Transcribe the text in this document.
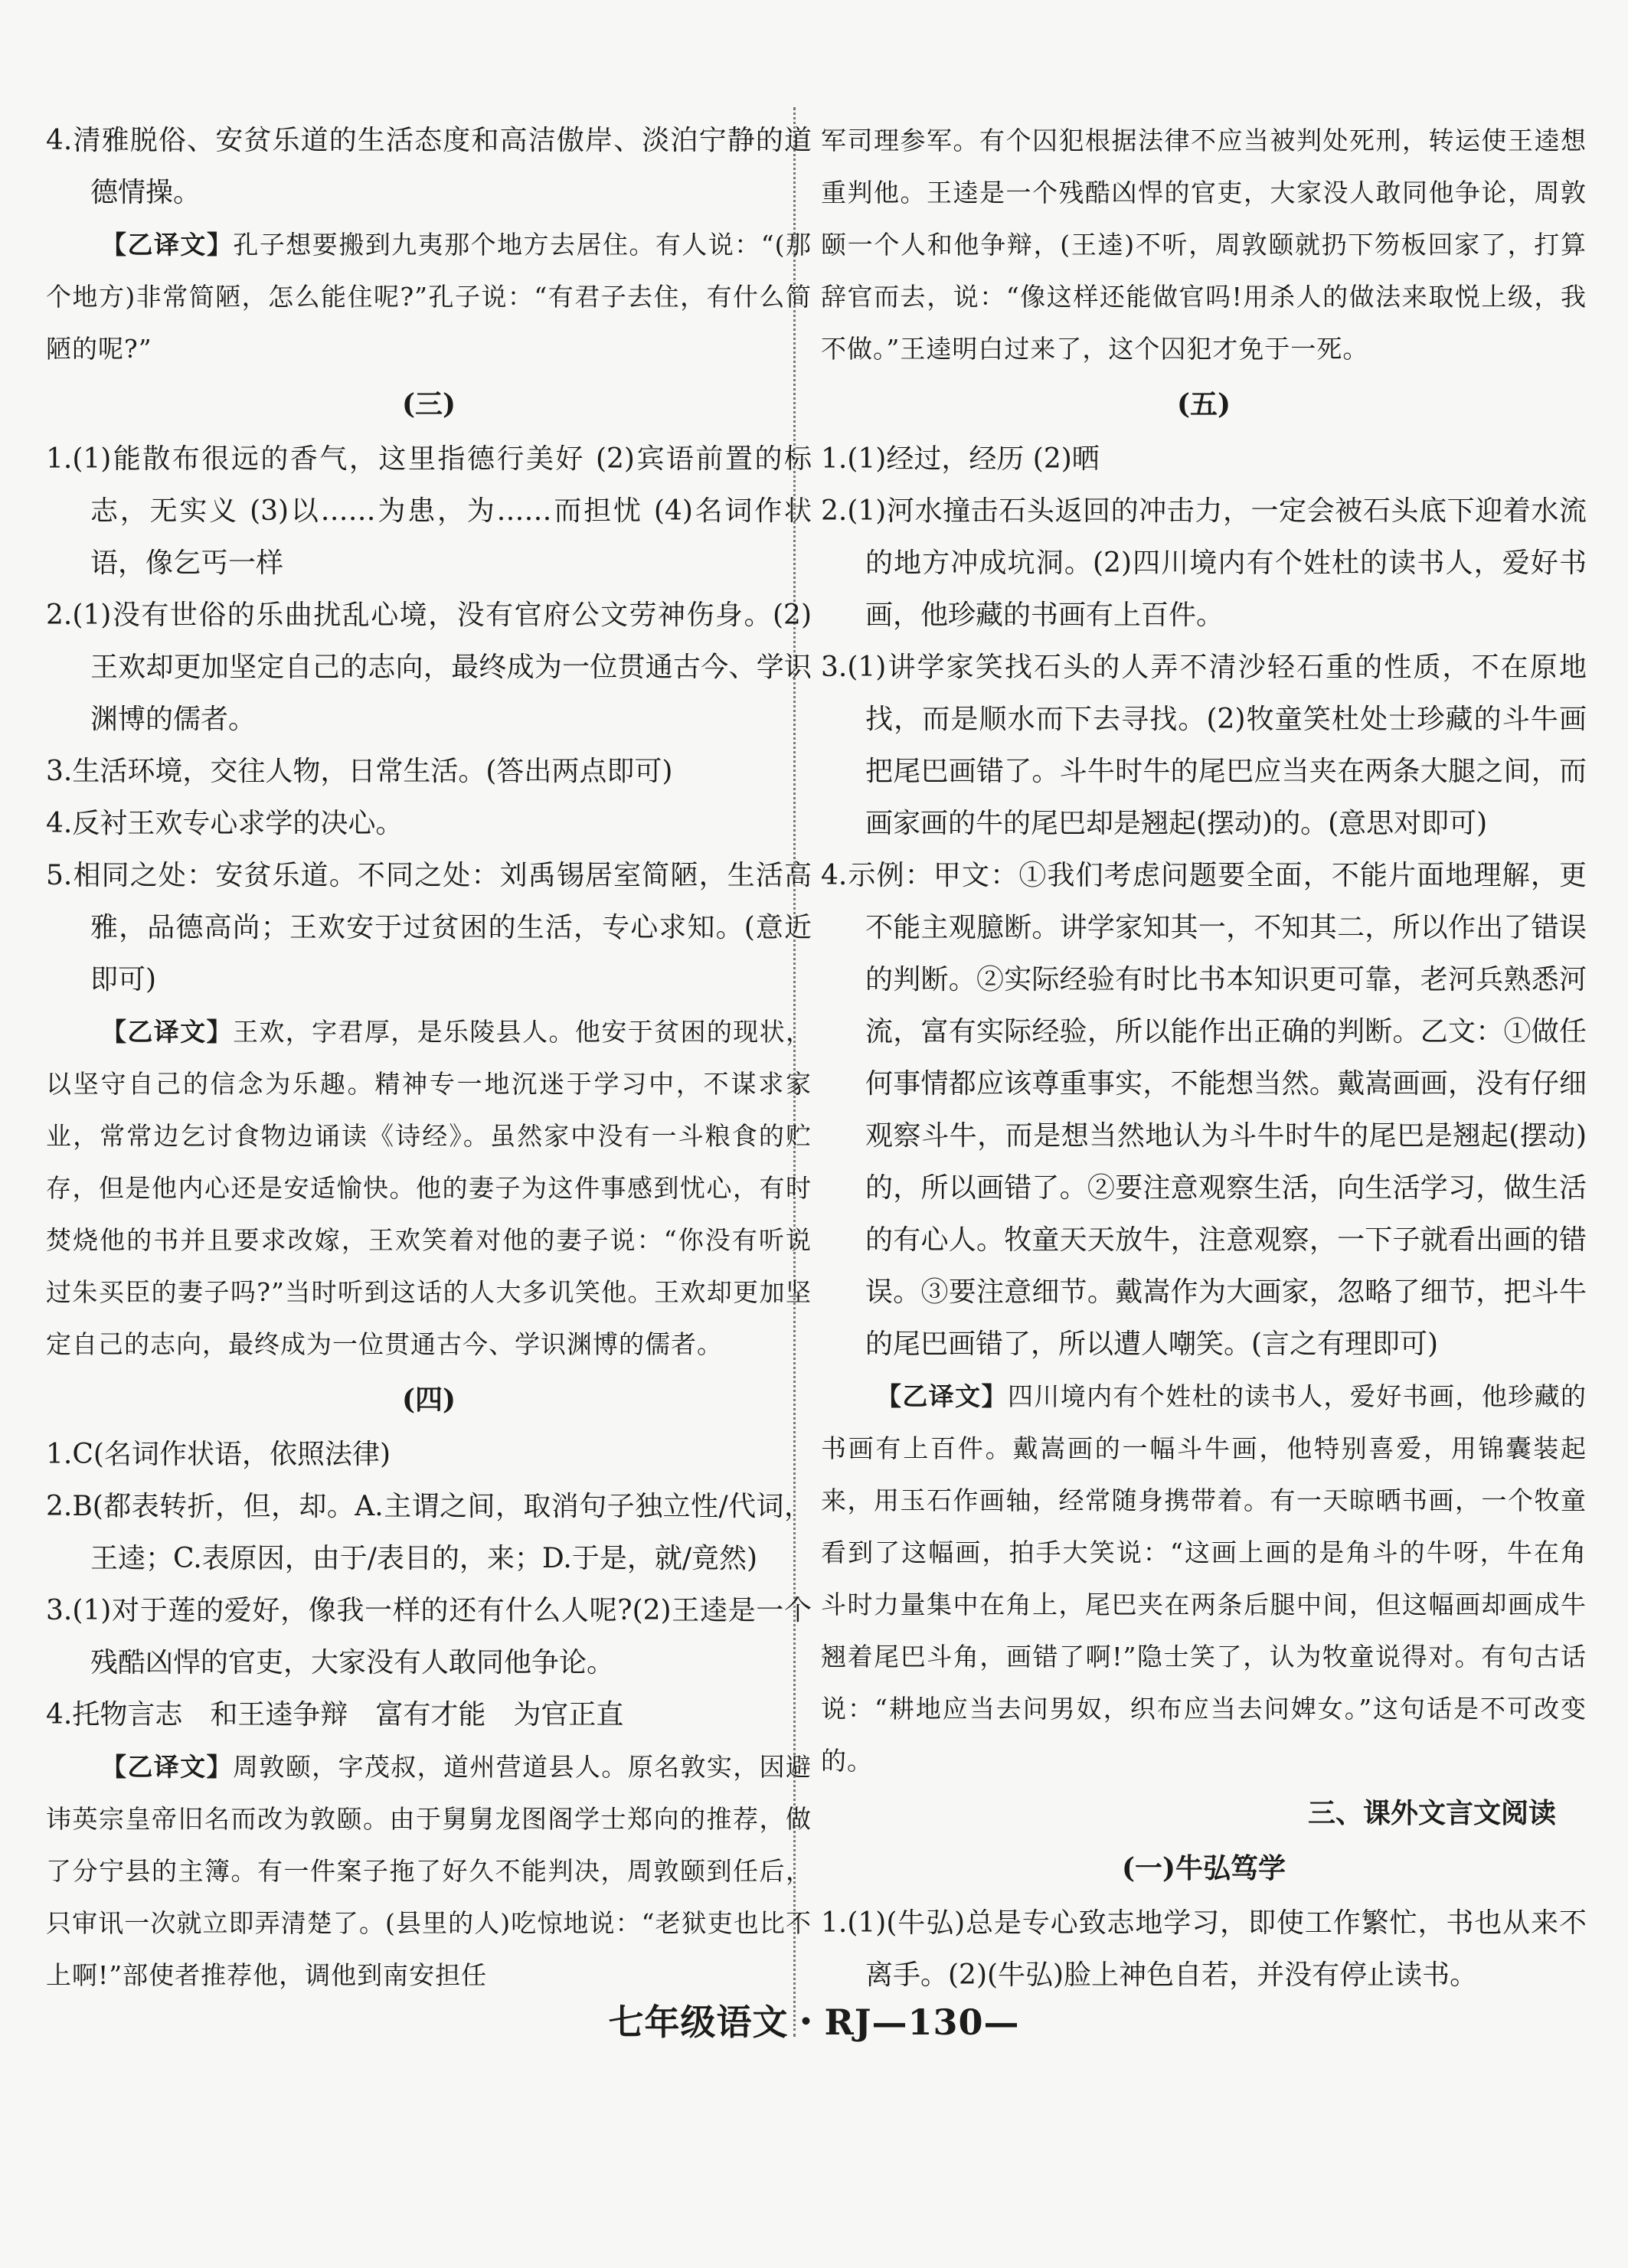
4.清雅脱俗、安贫乐道的生活态度和高洁傲岸、淡泊宁静的道德情操。

【乙译文】孔子想要搬到九夷那个地方去居住。有人说：“(那个地方)非常简陋，怎么能住呢?”孔子说：“有君子去住，有什么简陋的呢?”

(三)

1.(1)能散布很远的香气，这里指德行美好 (2)宾语前置的标志，无实义 (3)以……为患，为……而担忧 (4)名词作状语，像乞丐一样

2.(1)没有世俗的乐曲扰乱心境，没有官府公文劳神伤身。(2)王欢却更加坚定自己的志向，最终成为一位贯通古今、学识渊博的儒者。

3.生活环境，交往人物，日常生活。(答出两点即可)

4.反衬王欢专心求学的决心。

5.相同之处：安贫乐道。不同之处：刘禹锡居室简陋，生活高雅，品德高尚；王欢安于过贫困的生活，专心求知。(意近即可)

【乙译文】王欢，字君厚，是乐陵县人。他安于贫困的现状，以坚守自己的信念为乐趣。精神专一地沉迷于学习中，不谋求家业，常常边乞讨食物边诵读《诗经》。虽然家中没有一斗粮食的贮存，但是他内心还是安适愉快。他的妻子为这件事感到忧心，有时焚烧他的书并且要求改嫁，王欢笑着对他的妻子说：“你没有听说过朱买臣的妻子吗?”当时听到这话的人大多讥笑他。王欢却更加坚定自己的志向，最终成为一位贯通古今、学识渊博的儒者。

(四)

1.C(名词作状语，依照法律)

2.B(都表转折，但，却。A.主谓之间，取消句子独立性/代词，王逵；C.表原因，由于/表目的，来；D.于是，就/竟然)

3.(1)对于莲的爱好，像我一样的还有什么人呢?(2)王逵是一个残酷凶悍的官吏，大家没有人敢同他争论。

4.托物言志　和王逵争辩　富有才能　为官正直

【乙译文】周敦颐，字茂叔，道州营道县人。原名敦实，因避讳英宗皇帝旧名而改为敦颐。由于舅舅龙图阁学士郑向的推荐，做了分宁县的主簿。有一件案子拖了好久不能判决，周敦颐到任后，只审讯一次就立即弄清楚了。(县里的人)吃惊地说：“老狱吏也比不上啊!”部使者推荐他，调他到南安担任

军司理参军。有个囚犯根据法律不应当被判处死刑，转运使王逵想重判他。王逵是一个残酷凶悍的官吏，大家没人敢同他争论，周敦颐一个人和他争辩，(王逵)不听，周敦颐就扔下笏板回家了，打算辞官而去，说：“像这样还能做官吗!用杀人的做法来取悦上级，我不做。”王逵明白过来了，这个囚犯才免于一死。

(五)

1.(1)经过，经历 (2)晒

2.(1)河水撞击石头返回的冲击力，一定会被石头底下迎着水流的地方冲成坑洞。(2)四川境内有个姓杜的读书人，爱好书画，他珍藏的书画有上百件。

3.(1)讲学家笑找石头的人弄不清沙轻石重的性质，不在原地找，而是顺水而下去寻找。(2)牧童笑杜处士珍藏的斗牛画把尾巴画错了。斗牛时牛的尾巴应当夹在两条大腿之间，而画家画的牛的尾巴却是翘起(摆动)的。(意思对即可)

4.示例：甲文：①我们考虑问题要全面，不能片面地理解，更不能主观臆断。讲学家知其一，不知其二，所以作出了错误的判断。②实际经验有时比书本知识更可靠，老河兵熟悉河流，富有实际经验，所以能作出正确的判断。乙文：①做任何事情都应该尊重事实，不能想当然。戴嵩画画，没有仔细观察斗牛，而是想当然地认为斗牛时牛的尾巴是翘起(摆动)的，所以画错了。②要注意观察生活，向生活学习，做生活的有心人。牧童天天放牛，注意观察，一下子就看出画的错误。③要注意细节。戴嵩作为大画家，忽略了细节，把斗牛的尾巴画错了，所以遭人嘲笑。(言之有理即可)

【乙译文】四川境内有个姓杜的读书人，爱好书画，他珍藏的书画有上百件。戴嵩画的一幅斗牛画，他特别喜爱，用锦囊装起来，用玉石作画轴，经常随身携带着。有一天晾晒书画，一个牧童看到了这幅画，拍手大笑说：“这画上画的是角斗的牛呀，牛在角斗时力量集中在角上，尾巴夹在两条后腿中间，但这幅画却画成牛翘着尾巴斗角，画错了啊!”隐士笑了，认为牧童说得对。有句古话说：“耕地应当去问男奴，织布应当去问婢女。”这句话是不可改变的。

三、课外文言文阅读

(一)牛弘笃学

1.(1)(牛弘)总是专心致志地学习，即使工作繁忙，书也从来不离手。(2)(牛弘)脸上神色自若，并没有停止读书。

七年级语文・RJ—130—
